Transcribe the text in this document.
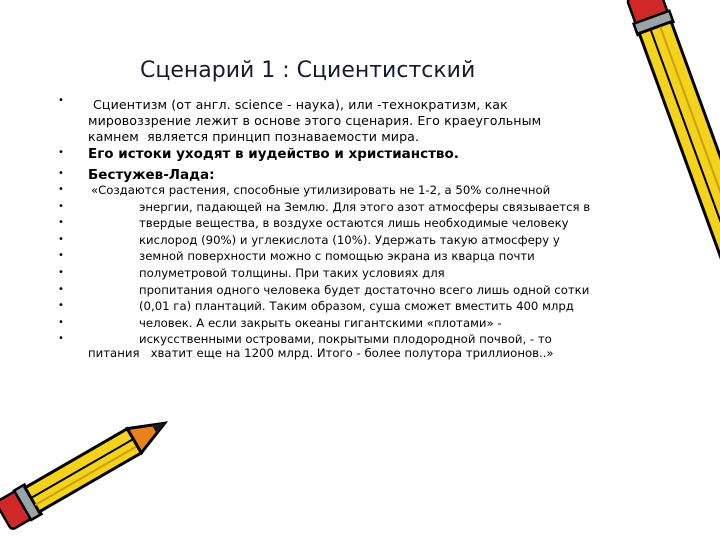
Сценарий 1 : Сциентистский
•
•
•
•
•
•
•
•
•
•
•
•
•
Сциентизм (от англ. science - наука), или -технократизм, как
мировоззрение лежит в основе этого сценария. Его краеугольным
камнем  является принцип познаваемости мира.
Его истоки уходят в иудейство и христианство.
Бестужев-Лада:
«Создаются растения, способные утилизировать не 1-2, а 50% солнечной
энергии, падающей на Землю. Для этого азот атмосферы связывается в
твердые вещества, в воздухе остаются лишь необходимые человеку
кислород (90%) и углекислота (10%). Удержать такую атмосферу у
земной поверхности можно с помощью экрана из кварца почти
полуметровой толщины. При таких условиях для
пропитания одного человека будет достаточно всего лишь одной сотки
(0,01 га) плантаций. Таким образом, суша сможет вместить 400 млрд
человек. А если закрыть океаны гигантскими «плотами» -
искусственными островами, покрытыми плодородной почвой, - то
питания   хватит еще на 1200 млрд. Итого - более полутора триллионов..»
